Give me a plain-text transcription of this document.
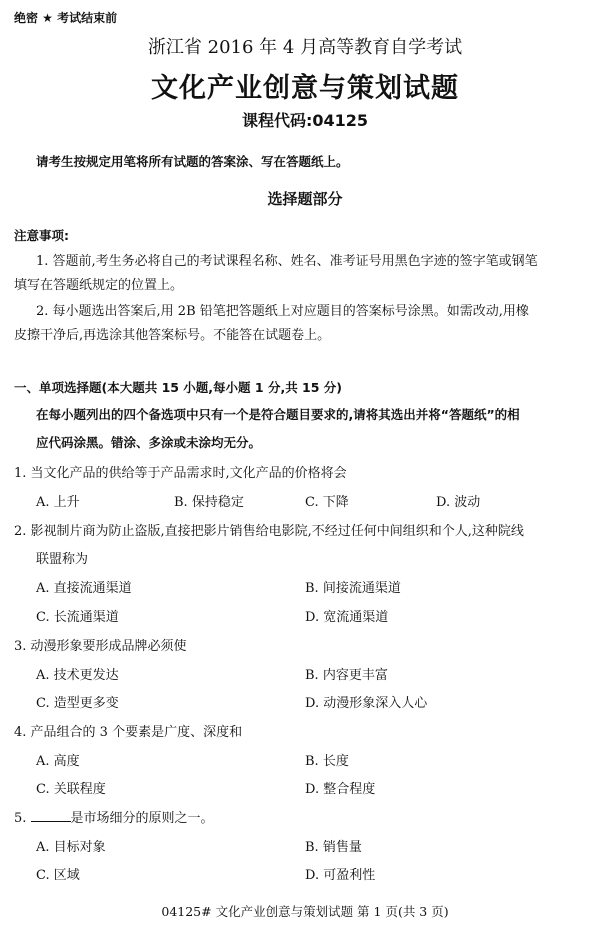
绝密 ★ 考试结束前
浙江省 2016 年 4 月高等教育自学考试
文化产业创意与策划试题
课程代码:04125
请考生按规定用笔将所有试题的答案涂、写在答题纸上。
选择题部分
注意事项:
1. 答题前,考生务必将自己的考试课程名称、姓名、准考证号用黑色字迹的签字笔或钢笔
填写在答题纸规定的位置上。
2. 每小题选出答案后,用 2B 铅笔把答题纸上对应题目的答案标号涂黑。如需改动,用橡
皮擦干净后,再选涂其他答案标号。不能答在试题卷上。
一、单项选择题(本大题共 15 小题,每小题 1 分,共 15 分)
在每小题列出的四个备选项中只有一个是符合题目要求的,请将其选出并将“答题纸”的相
应代码涂黑。错涂、多涂或未涂均无分。
1. 当文化产品的供给等于产品需求时,文化产品的价格将会
A. 上升	B. 保持稳定	C. 下降	D. 波动
2. 影视制片商为防止盗版,直接把影片销售给电影院,不经过任何中间组织和个人,这种院线
联盟称为
A. 直接流通渠道	B. 间接流通渠道
C. 长流通渠道	D. 宽流通渠道
3. 动漫形象要形成品牌必须使
A. 技术更发达	B. 内容更丰富
C. 造型更多变	D. 动漫形象深入人心
4. 产品组合的 3 个要素是广度、深度和
A. 高度	B. 长度
C. 关联程度	D. 整合程度
5.	是市场细分的原则之一。
A. 目标对象	B. 销售量
C. 区域	D. 可盈利性
04125# 文化产业创意与策划试题 第 1 页(共 3 页)
